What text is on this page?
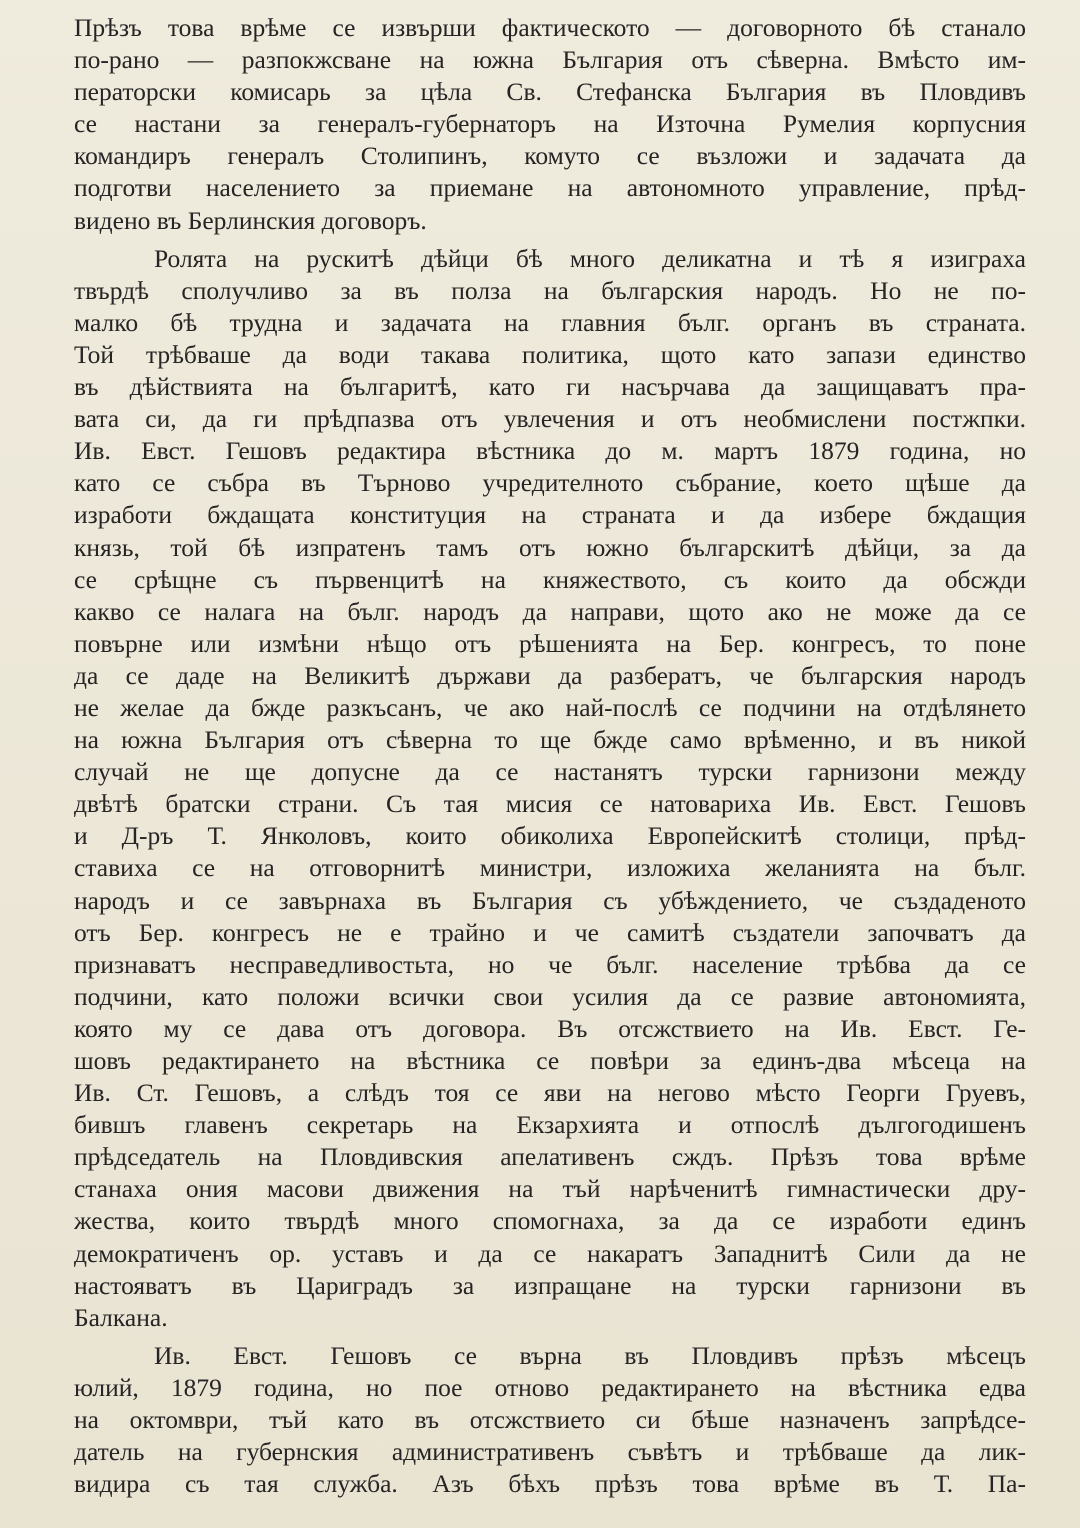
Прѣзъ това врѣме се извърши фактическото — договорното бѣ станало
по-рано — разпокжсване на южна България отъ сѣверна. Вмѣсто им-
ператорски комисарь за цѣла Св. Стефанска България въ Пловдивъ
се настани за генералъ-губернаторъ на Източна Румелия корпусния
командиръ генералъ Столипинъ, комуто се възложи и задачата да
подготви населението за приемане на автономното управление, прѣд-
видено въ Берлинския договоръ.
Ролята на рускитѣ дѣйци бѣ много деликатна и тѣ я изиграха
твърдѣ сполучливо за въ полза на българския народъ. Но не по-
малко бѣ трудна и задачата на главния бълг. органъ въ страната.
Той трѣбваше да води такава политика, щото като запази единство
въ дѣйствията на българитѣ, като ги насърчава да защищаватъ пра-
вата си, да ги прѣдпазва отъ увлечения и отъ необмислени постжпки.
Ив. Евст. Гешовъ редактира вѣстника до м. мартъ 1879 година, но
като се събра въ Търново учредителното събрание, което щѣше да
изработи бждащата конституция на страната и да избере бждащия
князь, той бѣ изпратенъ тамъ отъ южно българскитѣ дѣйци, за да
се срѣщне съ първенцитѣ на княжеството, съ които да обсжди
какво се налага на бълг. народъ да направи, щото ако не може да се
повърне или измѣни нѣщо отъ рѣшенията на Бер. конгресъ, то поне
да се даде на Великитѣ държави да разбератъ, че българския народъ
не желае да бжде разкъсанъ, че ако най-послѣ се подчини на отдѣлянето
на южна България отъ сѣверна то ще бжде само врѣменно, и въ никой
случай не ще допусне да се настанятъ турски гарнизони между
двѣтѣ братски страни. Съ тая мисия се натовариха Ив. Евст. Гешовъ
и Д-ръ Т. Янколовъ, които обиколиха Европейскитѣ столици, прѣд-
ставиха се на отговорнитѣ министри, изложиха желанията на бълг.
народъ и се завърнаха въ България съ убѣждението, че създаденото
отъ Бер. конгресъ не е трайно и че самитѣ създатели започватъ да
признаватъ несправедливостьта, но че бълг. население трѣбва да се
подчини, като положи всички свои усилия да се развие автономията,
която му се дава отъ договора. Въ отсжствието на Ив. Евст. Ге-
шовъ редактирането на вѣстника се повѣри за единъ-два мѣсеца на
Ив. Ст. Гешовъ, а слѣдъ тоя се яви на негово мѣсто Георги Груевъ,
бившъ главенъ секретарь на Екзархията и отпослѣ дългогодишенъ
прѣдседатель на Пловдивския апелативенъ сждъ. Прѣзъ това врѣме
станаха ония масови движения на тъй нарѣченитѣ гимнастически дру-
жества, които твърдѣ много спомогнаха, за да се изработи единъ
демократиченъ ор. уставъ и да се накаратъ Западнитѣ Сили да не
настояватъ въ Цариградъ за изпращане на турски гарнизони въ
Балкана.
Ив. Евст. Гешовъ се върна въ Пловдивъ прѣзъ мѣсецъ
юлий, 1879 година, но пое отново редактирането на вѣстника едва
на октомври, тъй като въ отсжствието си бѣше назначенъ запрѣдсе-
датель на губернския административенъ съвѣтъ и трѣбваше да лик-
видира съ тая служба. Азъ бѣхъ прѣзъ това врѣме въ Т. Па-
